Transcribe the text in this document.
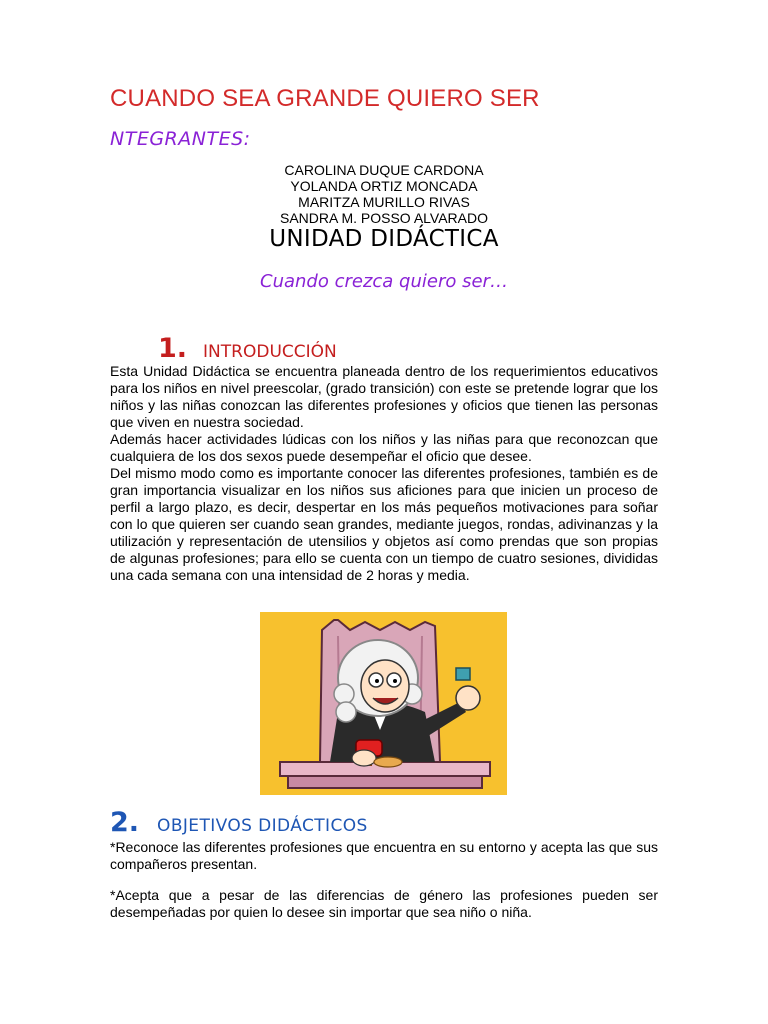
CUANDO SEA GRANDE QUIERO SER
NTEGRANTES:
CAROLINA DUQUE CARDONA
YOLANDA ORTIZ MONCADA
MARITZA MURILLO RIVAS
SANDRA M. POSSO ALVARADO
UNIDAD DIDÁCTICA
Cuando crezca quiero ser…
1. INTRODUCCIÓN

Esta Unidad Didáctica se encuentra planeada dentro de los requerimientos educativos para los niños en nivel preescolar, (grado transición) con este se pretende lograr que los niños y las niñas conozcan las diferentes profesiones y oficios que tienen las personas que viven en nuestra sociedad.

Además hacer actividades lúdicas con los niños y las niñas para que reconozcan que cualquiera de los dos sexos puede desempeñar el oficio que desee.

Del mismo modo como es importante conocer las diferentes profesiones, también es de gran importancia visualizar en los niños sus aficiones para que inicien un proceso de perfil a largo plazo, es decir, despertar en los más pequeños motivaciones para soñar con lo que quieren ser cuando sean grandes, mediante juegos, rondas, adivinanzas y la utilización y representación de utensilios y objetos así como prendas que son propias de algunas profesiones; para ello se cuenta con un tiempo de cuatro sesiones, divididas una cada semana con una intensidad de 2 horas y media.

2. OBJETIVOS DIDÁCTICOS

*Reconoce las diferentes profesiones que encuentra en su entorno y acepta las que sus compañeros presentan.

*Acepta que a pesar de las diferencias de género las profesiones pueden ser desempeñadas por quien lo desee sin importar que sea niño o niña.
